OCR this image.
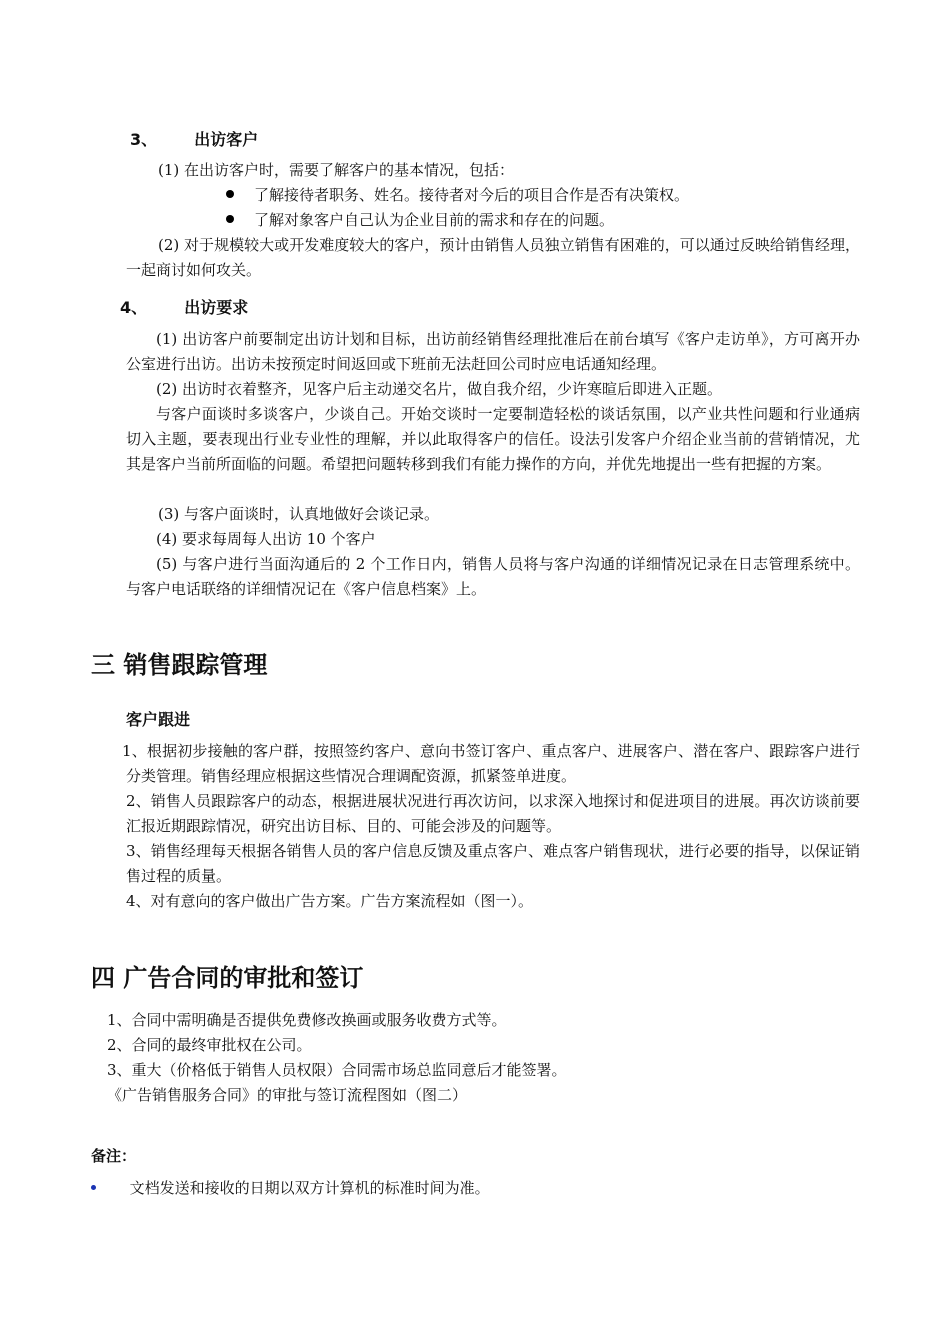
3、 出访客户
(1) 在出访客户时，需要了解客户的基本情况，包括：
了解接待者职务、姓名。接待者对今后的项目合作是否有决策权。
了解对象客户自己认为企业目前的需求和存在的问题。
(2) 对于规模较大或开发难度较大的客户，预计由销售人员独立销售有困难的，可以通过反映给销售经理，一起商讨如何攻关。
4、 出访要求
(1) 出访客户前要制定出访计划和目标，出访前经销售经理批准后在前台填写《客户走访单》，方可离开办公室进行出访。出访未按预定时间返回或下班前无法赶回公司时应电话通知经理。
(2) 出访时衣着整齐，见客户后主动递交名片，做自我介绍，少许寒暄后即进入正题。
与客户面谈时多谈客户，少谈自己。开始交谈时一定要制造轻松的谈话氛围，以产业共性问题和行业通病切入主题，要表现出行业专业性的理解，并以此取得客户的信任。设法引发客户介绍企业当前的营销情况，尤其是客户当前所面临的问题。希望把问题转移到我们有能力操作的方向，并优先地提出一些有把握的方案。
(3) 与客户面谈时，认真地做好会谈记录。
(4) 要求每周每人出访 10 个客户
(5) 与客户进行当面沟通后的 2 个工作日内，销售人员将与客户沟通的详细情况记录在日志管理系统中。与客户电话联络的详细情况记在《客户信息档案》上。
三 销售跟踪管理
客户跟进
1、根据初步接触的客户群，按照签约客户、意向书签订客户、重点客户、进展客户、潜在客户、跟踪客户进行分类管理。销售经理应根据这些情况合理调配资源，抓紧签单进度。
2、销售人员跟踪客户的动态，根据进展状况进行再次访问，以求深入地探讨和促进项目的进展。再次访谈前要汇报近期跟踪情况，研究出访目标、目的、可能会涉及的问题等。
3、销售经理每天根据各销售人员的客户信息反馈及重点客户、难点客户销售现状，进行必要的指导，以保证销售过程的质量。
4、对有意向的客户做出广告方案。广告方案流程如（图一）。
四 广告合同的审批和签订
1、合同中需明确是否提供免费修改换画或服务收费方式等。
2、合同的最终审批权在公司。
3、重大（价格低于销售人员权限）合同需市场总监同意后才能签署。
《广告销售服务合同》的审批与签订流程图如（图二）
备注：
文档发送和接收的日期以双方计算机的标准时间为准。
